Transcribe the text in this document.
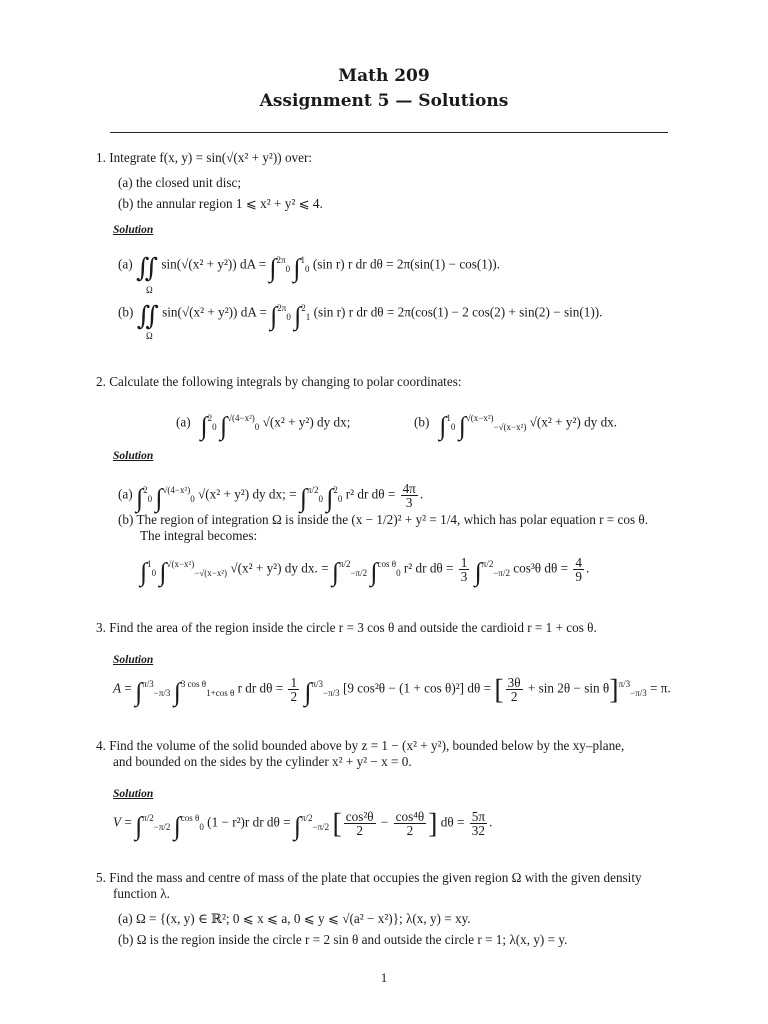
Math 209
Assignment 5 — Solutions
1. Integrate f(x, y) = sin(√(x² + y²)) over:
(a) the closed unit disc;
(b) the annular region 1 ⩽ x² + y² ⩽ 4.
Solution
(a) ∬ sin(√(x² + y²)) dA = ∫$^{2\pi}_0$ ∫$^1_0$ (sin r) r dr dθ = 2π(sin(1) − cos(1)).
Ω
(b) ∬ sin(√(x² + y²)) dA = ∫$^{2\pi}_0$ ∫$^2_1$ (sin r) r dr dθ = 2π(cos(1) − 2 cos(2) + sin(2) − sin(1)).
Ω
2. Calculate the following integrals by changing to polar coordinates:
(a) ∫$^2_0$ ∫$^{√(4-x^2)}_0$ √(x² + y²) dy dx;	(b) ∫$^1_0$ ∫$^{√(x-x^2)}_{-√(x-x^2)}$ √(x² + y²) dy dx.
Solution
(a) ∫$^2_0$ ∫$^{√(4-x^2)}_0$ √(x² + y²) dy dx; = ∫$^{\pi/2}_0$ ∫$^2_0$ r² dr $d\theta = \frac{4\pi}{3}$ .
(b) The region of integration Ω is inside the (x − 1/2)² + y² = 1/4, which has polar equation r = cos θ.
The integral becomes:
∫$^1_0$ ∫$^{√(x-x^2)}_{-√(x-x^2)}$ √(x² + y²) dy dx. = ∫$^{\pi/2}_{-\pi/2}$ ∫$^{cos \theta}_0$ r² dr $d\theta = \frac{1}{3} \int^{\pi/2}_{-\pi/2}$ cos³θ $d\theta = \frac{4}{9}$ .
3. Find the area of the region inside the circle r = 3 cos θ and outside the cardioid r = 1 + cos θ.
Solution
A = ∫$^{\pi/3}_{-\pi/3}$ ∫$^{3 cos \theta}_{1+cos \theta}$ r dr $d\theta = \frac{1}{2} \int^{\pi/3}_{-\pi/3}$ [9 cos²θ − (1 + cos θ)²] dθ = [ $\frac{3\theta}{2} + \sin 2\theta - \sin \theta]^{\pi/3}_{-\pi/3} = \pi$.
4. Find the volume of the solid bounded above by z = 1 − (x² + y²), bounded below by the xy–plane,
and bounded on the sides by the cylinder x² + y² − x = 0.
Solution
V = ∫$^{\pi/2}_{-\pi/2}$ ∫$^{cos \theta}_0$ (1 − r²)r dr dθ = ∫$^{\pi/2}_{-\pi/2}$ [ $\frac{\text{cos²θ}}{2} - \frac{\text{cos⁴θ}}{2}$ ] $d\theta = \frac{5\pi}{32}$ .
5. Find the mass and centre of mass of the plate that occupies the given region Ω with the given density
function λ.
(a) Ω = {(x, y) ∈ ℝ²; 0 ⩽ x ⩽ a, 0 ⩽ y ⩽ √(a² − x²)}; λ(x, y) = xy.
(b) Ω is the region inside the circle r = 2 sin θ and outside the circle r = 1; λ(x, y) = y.
1
